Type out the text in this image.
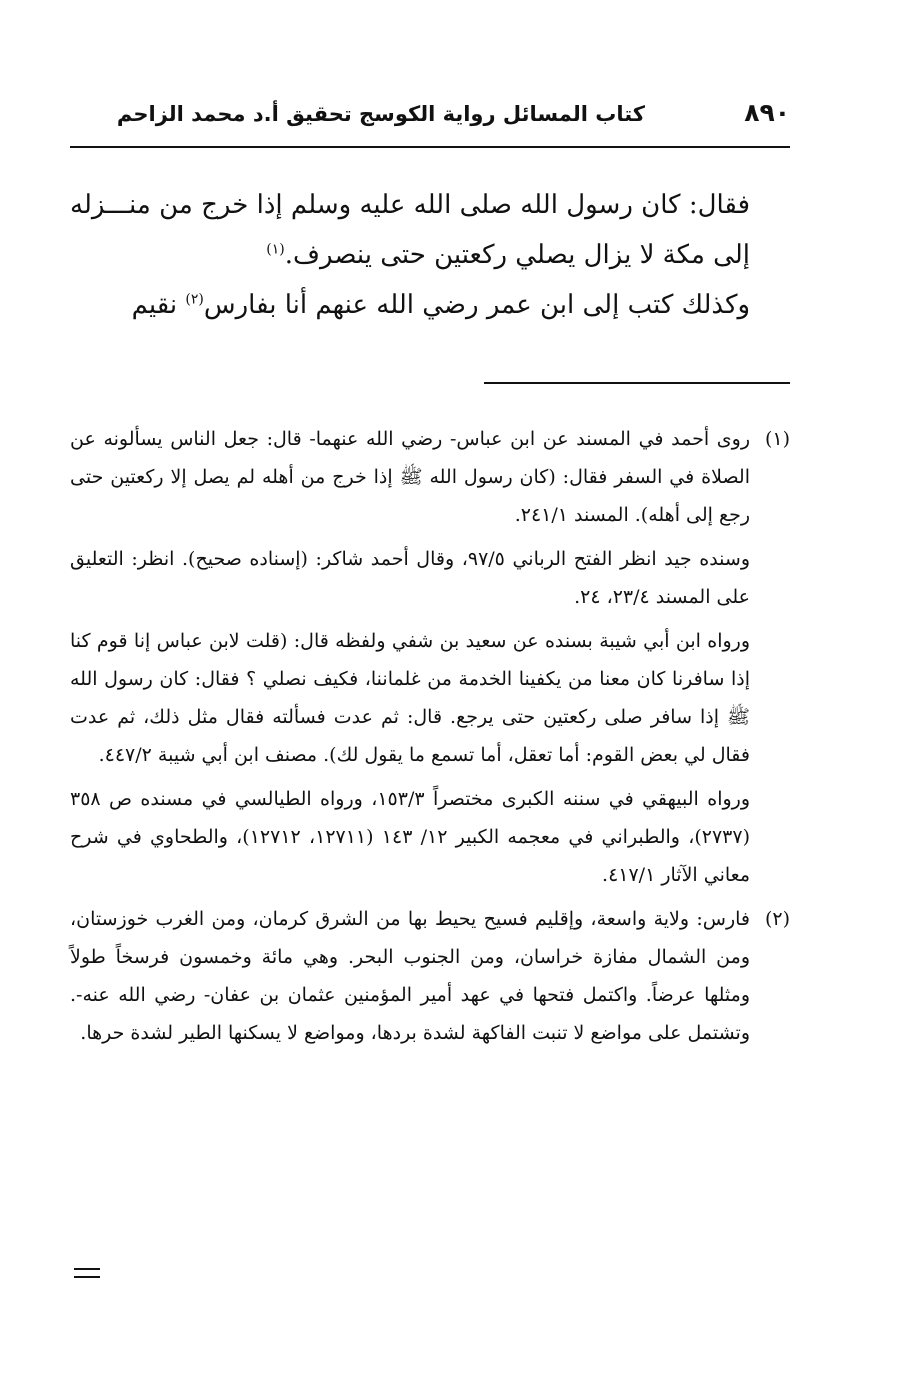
٨٩٠
كتاب المسائل رواية الكوسج تحقيق أ.د محمد الزاحم

فقال: كان رسول الله صلى الله عليه وسلم إذا خرج من منـــزله إلى مكة لا يزال يصلي ركعتين حتى ينصرف.$^{(١)}$

وكذلك كتب إلى ابن عمر رضي الله عنهم أنا بفارس$^{(٢)}$ نقيم

(١)

روى أحمد في المسند عن ابن عباس- رضي الله عنهما- قال: جعل الناس يسألونه عن الصلاة في السفر فقال: (كان رسول الله ﷺ إذا خرج من أهله لم يصل إلا ركعتين حتى رجع إلى أهله). المسند ٢٤١/١.

وسنده جيد انظر الفتح الرباني ٩٧/٥، وقال أحمد شاكر: (إسناده صحيح). انظر: التعليق على المسند ٢٣/٤، ٢٤.

ورواه ابن أبي شيبة بسنده عن سعيد بن شفي ولفظه قال: (قلت لابن عباس إنا قوم كنا إذا سافرنا كان معنا من يكفينا الخدمة من غلماننا، فكيف نصلي ؟ فقال: كان رسول الله ﷺ إذا سافر صلى ركعتين حتى يرجع. قال: ثم عدت فسألته فقال مثل ذلك، ثم عدت فقال لي بعض القوم: أما تعقل، أما تسمع ما يقول لك). مصنف ابن أبي شيبة ٤٤٧/٢.

ورواه البيهقي في سننه الكبرى مختصراً ١٥٣/٣، ورواه الطيالسي في مسنده ص ٣٥٨ (٢٧٣٧)، والطبراني في معجمه الكبير ١٢/ ١٤٣ (١٢٧١١، ١٢٧١٢)، والطحاوي في شرح معاني الآثار ٤١٧/١.

(٢)

فارس: ولاية واسعة، وإقليم فسيح يحيط بها من الشرق كرمان، ومن الغرب خوزستان، ومن الشمال مفازة خراسان، ومن الجنوب البحر. وهي مائة وخمسون فرسخاً طولاً ومثلها عرضاً. واكتمل فتحها في عهد أمير المؤمنين عثمان بن عفان- رضي الله عنه-. وتشتمل على مواضع لا تنبت الفاكهة لشدة بردها، ومواضع لا يسكنها الطير لشدة حرها.
